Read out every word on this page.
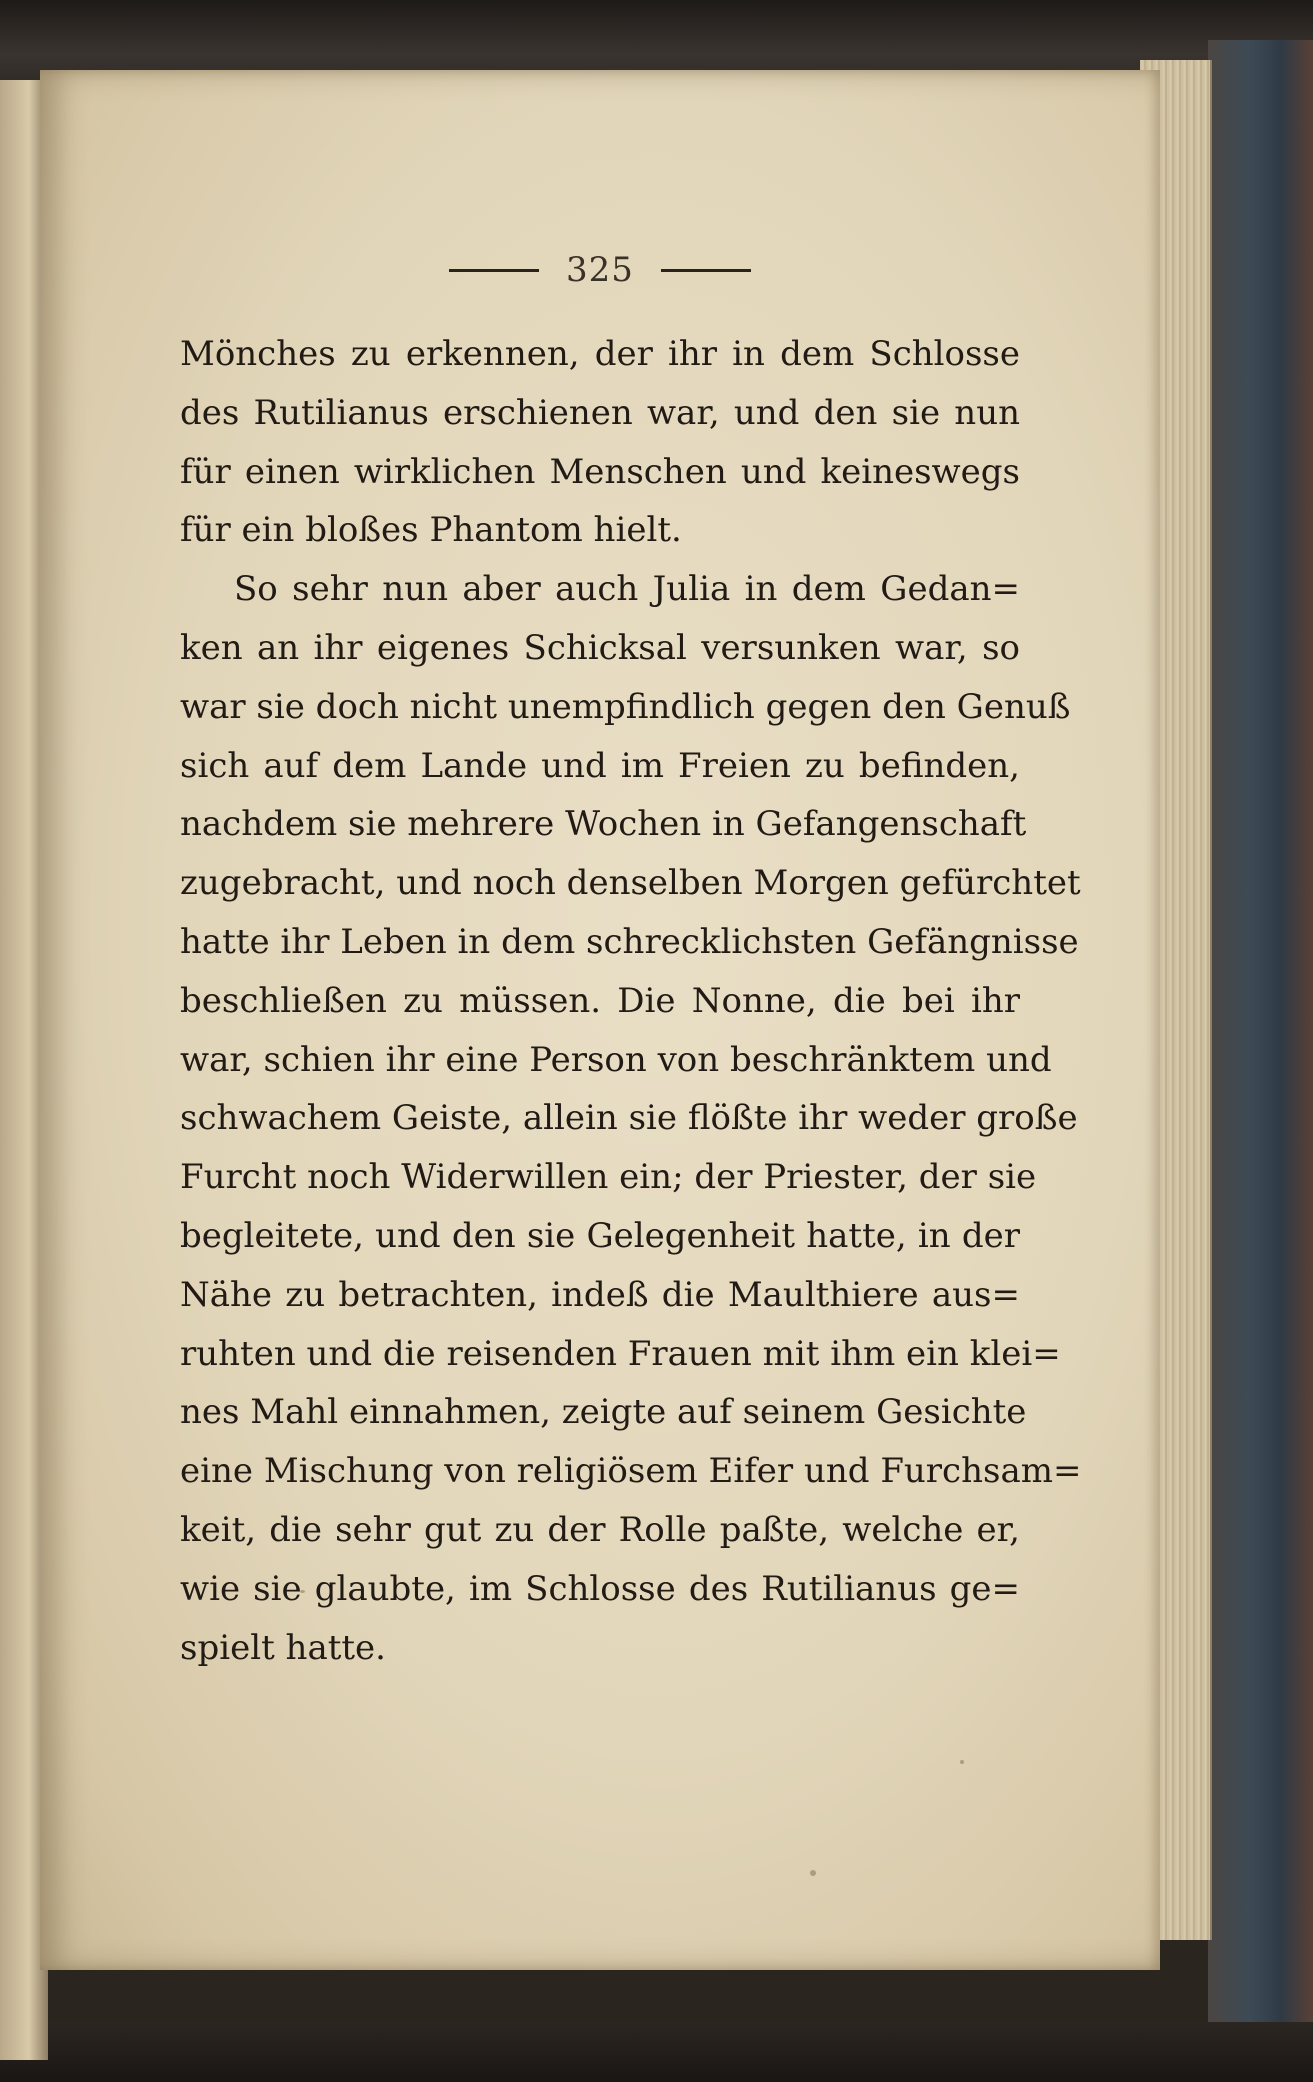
325
Mönches zu erkennen, der ihr in dem Schlosse
des Rutilianus erschienen war, und den sie nun
für einen wirklichen Menschen und keineswegs
für ein bloßes Phantom hielt.
So sehr nun aber auch Julia in dem Gedan=
ken an ihr eigenes Schicksal versunken war, so
war sie doch nicht unempfindlich gegen den Genuß
sich auf dem Lande und im Freien zu befinden,
nachdem sie mehrere Wochen in Gefangenschaft
zugebracht, und noch denselben Morgen gefürchtet
hatte ihr Leben in dem schrecklichsten Gefängnisse
beschließen zu müssen. Die Nonne, die bei ihr
war, schien ihr eine Person von beschränktem und
schwachem Geiste, allein sie flößte ihr weder große
Furcht noch Widerwillen ein; der Priester, der sie
begleitete, und den sie Gelegenheit hatte, in der
Nähe zu betrachten, indeß die Maulthiere aus=
ruhten und die reisenden Frauen mit ihm ein klei=
nes Mahl einnahmen, zeigte auf seinem Gesichte
eine Mischung von religiösem Eifer und Furchsam=
keit, die sehr gut zu der Rolle paßte, welche er,
wie sie glaubte, im Schlosse des Rutilianus ge=
spielt hatte.
